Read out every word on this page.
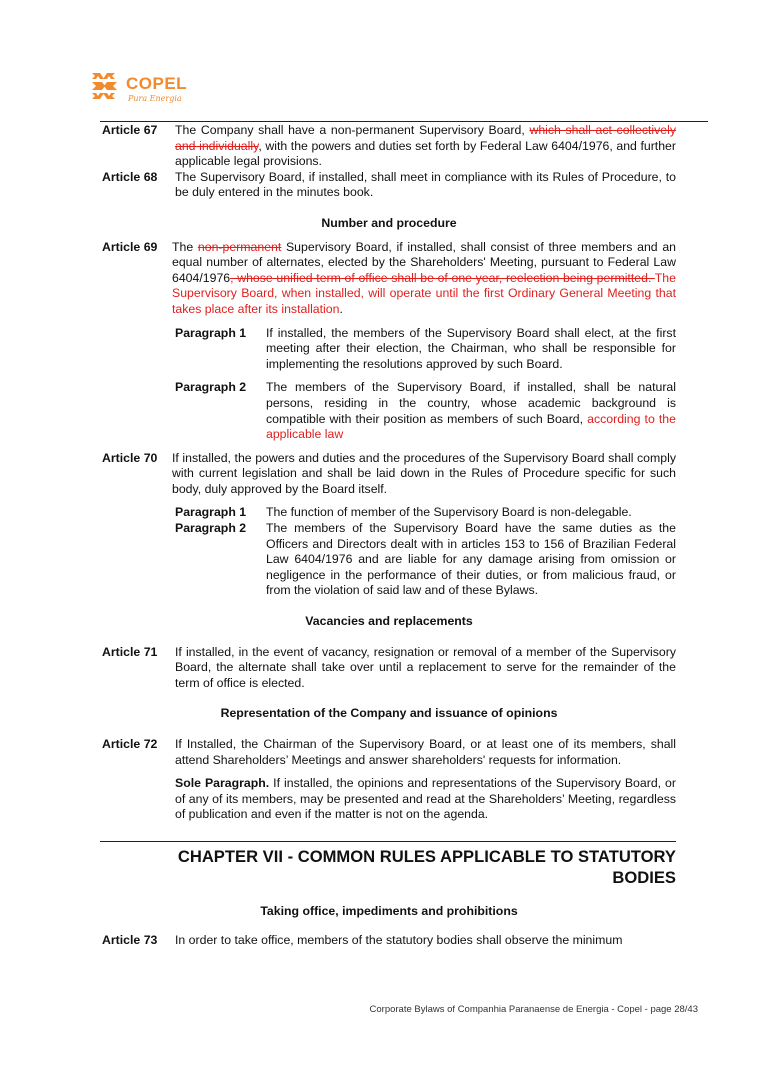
COPEL
Pura Energia
Article 67	The Company shall have a non-permanent Supervisory Board, which shall act collectively and individually, with the powers and duties set forth by Federal Law 6404/1976, and further applicable legal provisions.
Article 68	The Supervisory Board, if installed, shall meet in compliance with its Rules of Procedure, to be duly entered in the minutes book.
Number and procedure
Article 69	The non-permanent Supervisory Board, if installed, shall consist of three members and an equal number of alternates, elected by the Shareholders' Meeting, pursuant to Federal Law 6404/1976, whose unified term of office shall be of one year, reelection being permitted. The Supervisory Board, when installed, will operate until the first Ordinary General Meeting that takes place after its installation.
Paragraph 1	If installed, the members of the Supervisory Board shall elect, at the first meeting after their election, the Chairman, who shall be responsible for implementing the resolutions approved by such Board.
Paragraph 2	The members of the Supervisory Board, if installed, shall be natural persons, residing in the country, whose academic background is compatible with their position as members of such Board, according to the applicable law
Article 70	If installed, the powers and duties and the procedures of the Supervisory Board shall comply with current legislation and shall be laid down in the Rules of Procedure specific for such body, duly approved by the Board itself.
Paragraph 1	The function of member of the Supervisory Board is non-delegable.
Paragraph 2	The members of the Supervisory Board have the same duties as the Officers and Directors dealt with in articles 153 to 156 of Brazilian Federal Law 6404/1976 and are liable for any damage arising from omission or negligence in the performance of their duties, or from malicious fraud, or from the violation of said law and of these Bylaws.
Vacancies and replacements
Article 71	If installed, in the event of vacancy, resignation or removal of a member of the Supervisory Board, the alternate shall take over until a replacement to serve for the remainder of the term of office is elected.
Representation of the Company and issuance of opinions
Article 72	If Installed, the Chairman of the Supervisory Board, or at least one of its members, shall attend Shareholders’ Meetings and answer shareholders' requests for information.
Sole Paragraph. If installed, the opinions and representations of the Supervisory Board, or of any of its members, may be presented and read at the Shareholders’ Meeting, regardless of publication and even if the matter is not on the agenda.
CHAPTER VII - COMMON RULES APPLICABLE TO STATUTORY
BODIES
Taking office, impediments and prohibitions
Article 73	In order to take office, members of the statutory bodies shall observe the minimum
Corporate Bylaws of Companhia Paranaense de Energia - Copel - page 28/43
